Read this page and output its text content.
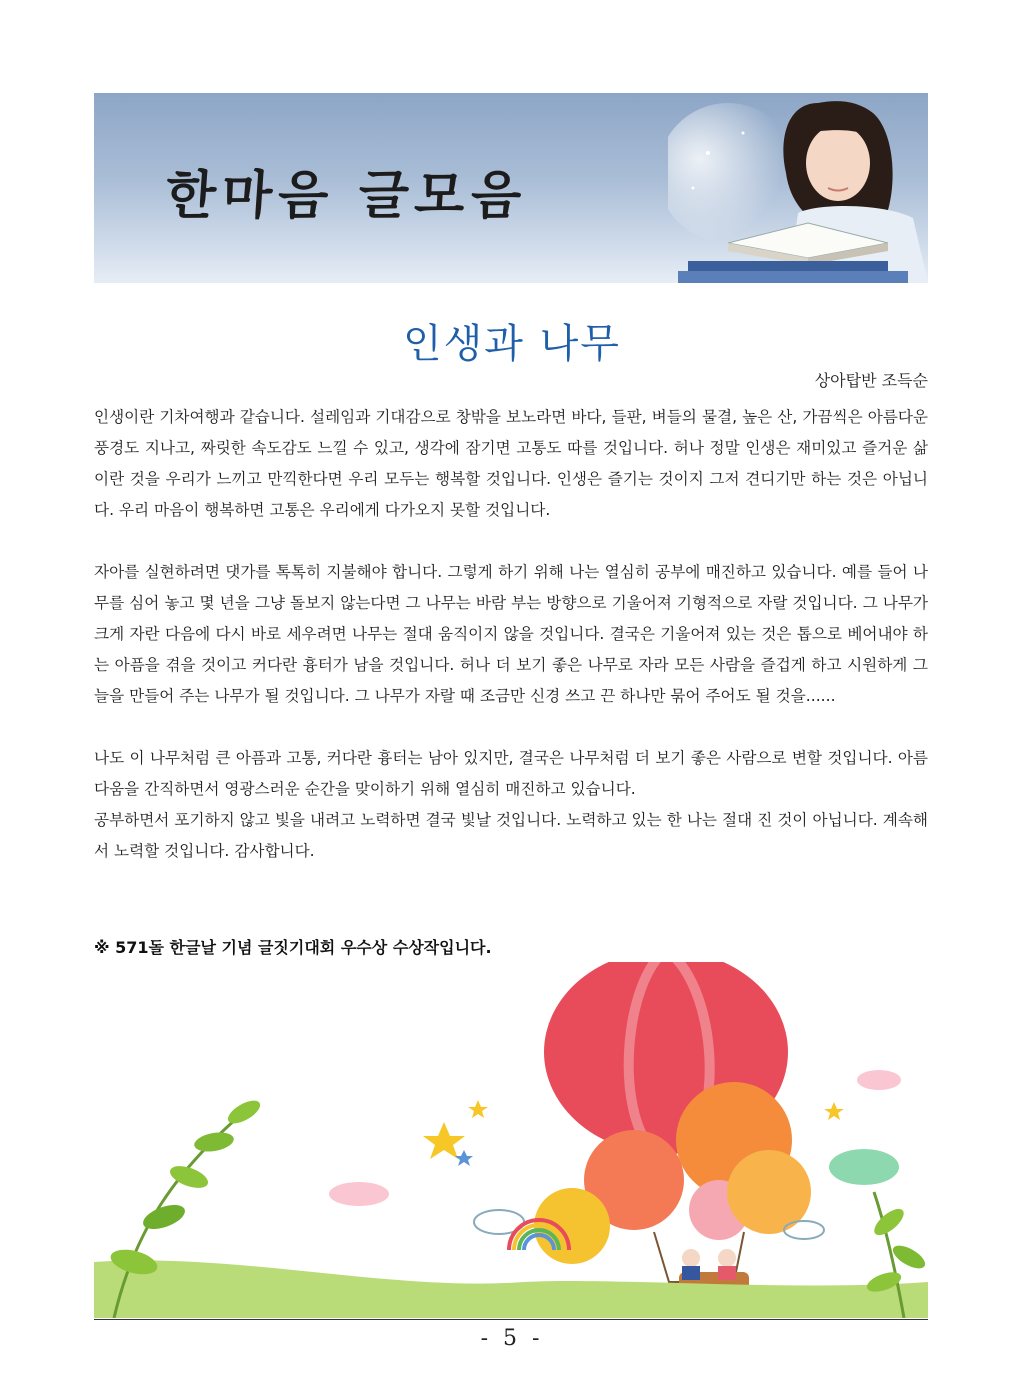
한마음 글모음
인생과 나무
상아탑반 조득순

인생이란 기차여행과 같습니다. 설레임과 기대감으로 창밖을 보노라면 바다, 들판, 벼들의 물결, 높은 산, 가끔씩은 아름다운 풍경도 지나고, 짜릿한 속도감도 느낄 수 있고, 생각에 잠기면 고통도 따를 것입니다. 허나 정말 인생은 재미있고 즐거운 삶이란 것을 우리가 느끼고 만끽한다면 우리 모두는 행복할 것입니다. 인생은 즐기는 것이지 그저 견디기만 하는 것은 아닙니다. 우리 마음이 행복하면 고통은 우리에게 다가오지 못할 것입니다.

자아를 실현하려면 댓가를 톡톡히 지불해야 합니다. 그렇게 하기 위해 나는 열심히 공부에 매진하고 있습니다. 예를 들어 나무를 심어 놓고 몇 년을 그냥 돌보지 않는다면 그 나무는 바람 부는 방향으로 기울어져 기형적으로 자랄 것입니다. 그 나무가 크게 자란 다음에 다시 바로 세우려면 나무는 절대 움직이지 않을 것입니다. 결국은 기울어져 있는 것은 톱으로 베어내야 하는 아픔을 겪을 것이고 커다란 흉터가 남을 것입니다. 허나 더 보기 좋은 나무로 자라 모든 사람을 즐겁게 하고 시원하게 그늘을 만들어 주는 나무가 될 것입니다. 그 나무가 자랄 때 조금만 신경 쓰고 끈 하나만 묶어 주어도 될 것을......

나도 이 나무처럼 큰 아픔과 고통, 커다란 흉터는 남아 있지만, 결국은 나무처럼 더 보기 좋은 사람으로 변할 것입니다. 아름다움을 간직하면서 영광스러운 순간을 맞이하기 위해 열심히 매진하고 있습니다.

공부하면서 포기하지 않고 빛을 내려고 노력하면 결국 빛날 것입니다. 노력하고 있는 한 나는 절대 진 것이 아닙니다. 계속해서 노력할 것입니다. 감사합니다.

※ 571돌 한글날 기념 글짓기대회 우수상 수상작입니다.
- 5 -
